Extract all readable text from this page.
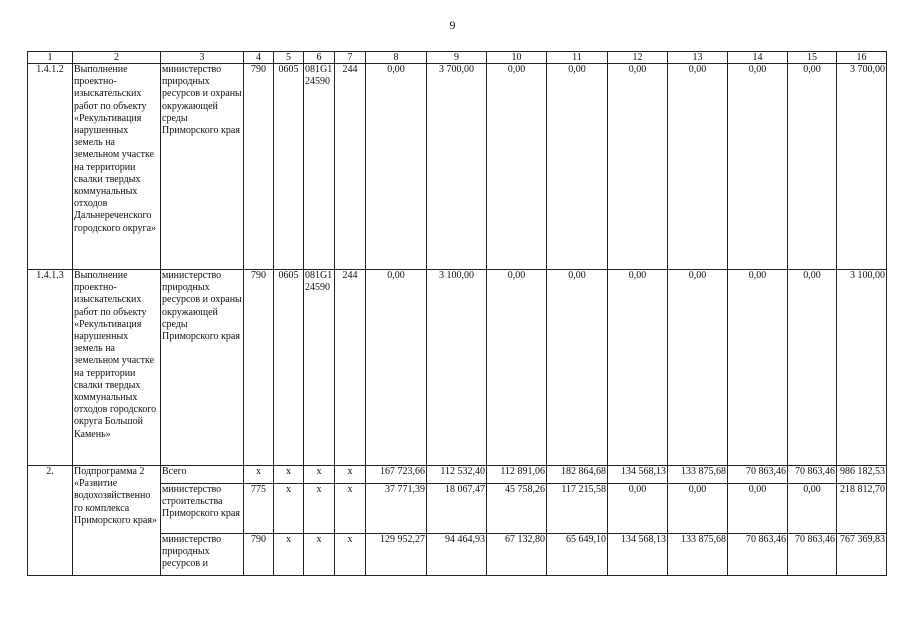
9
1	2	3	4	5	6	7	8	9	10	11	12	13	14	15	16
1.4.1.2	Выполнение проектно-изыскательских работ по объекту «Рекультивация нарушенных земель на земельном участке на территории свалки твердых коммунальных отходов Дальнереченского городского округа»	министерство природных ресурсов и охраны окружающей среды Приморского края	790	0605	081G1 24590	244	0,00	3 700,00	0,00	0,00	0,00	0,00	0,00	0,00	3 700,00
1.4.1.3	Выполнение проектно-изыскательских работ по объекту «Рекультивация нарушенных земель на земельном участке на территории свалки твердых коммунальных отходов городского округа Большой Камень»	министерство природных ресурсов и охраны окружающей среды Приморского края	790	0605	081G1 24590	244	0,00	3 100,00	0,00	0,00	0,00	0,00	0,00	0,00	3 100,00
2.	Подпрограмма 2 «Развитие водохозяйственно го комплекса Приморского края»	Всего	х	х	х	х	167 723,66	112 532,40	112 891,06	182 864,68	134 568,13	133 875,68	70 863,46	70 863,46	986 182,53
		министерство строительства Приморского края	775	х	х	х	37 771,39	18 067,47	45 758,26	117 215,58	0,00	0,00	0,00	0,00	218 812,70
		министерство природных ресурсов и	790	х	х	х	129 952,27	94 464,93	67 132,80	65 649,10	134 568,13	133 875,68	70 863,46	70 863,46	767 369,83
